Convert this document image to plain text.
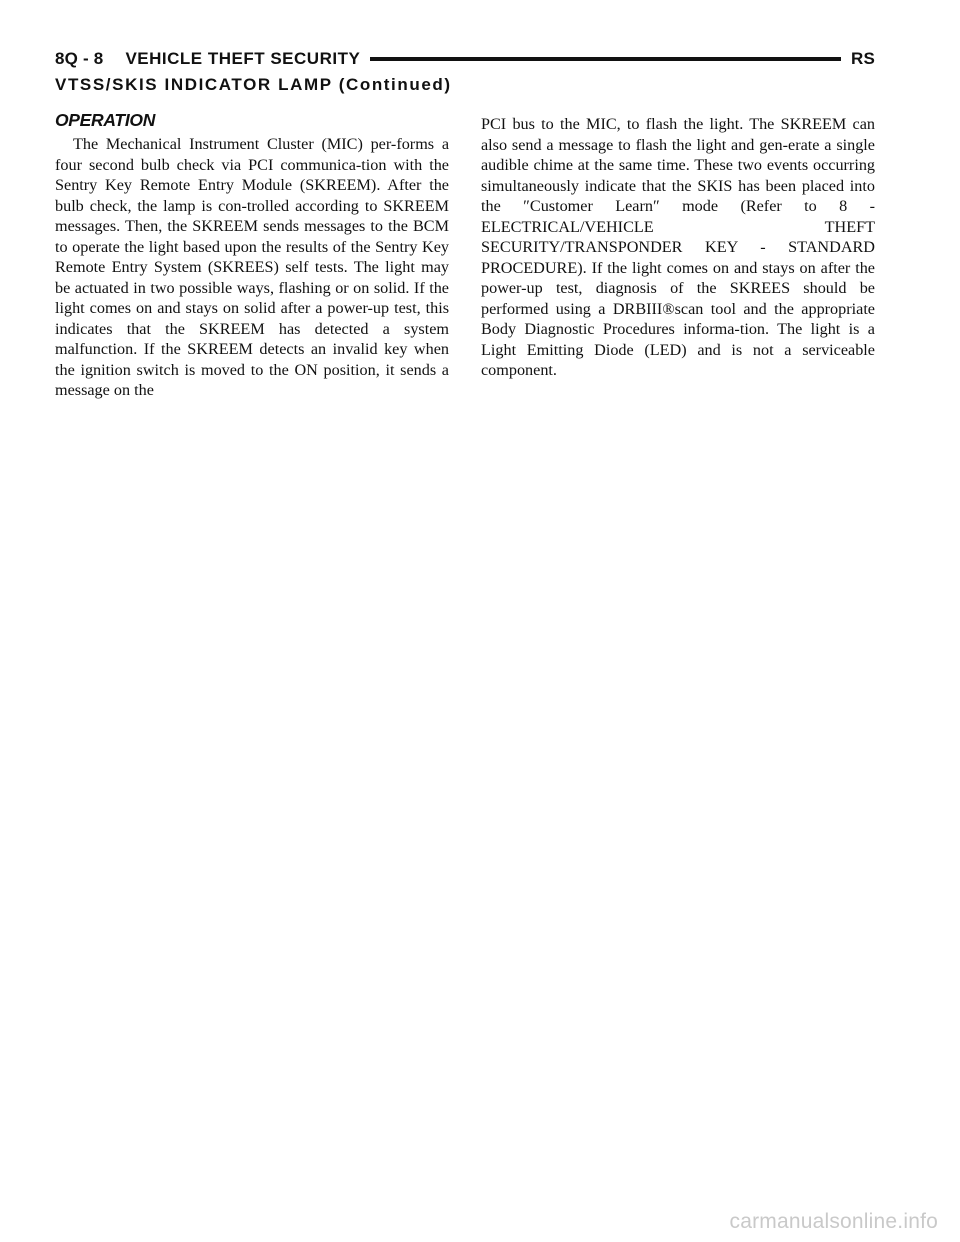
8Q - 8 VEHICLE THEFT SECURITY	RS
VTSS/SKIS INDICATOR LAMP (Continued)
OPERATION

The Mechanical Instrument Cluster (MIC) per-forms a four second bulb check via PCI communica-tion with the Sentry Key Remote Entry Module (SKREEM). After the bulb check, the lamp is con-trolled according to SKREEM messages. Then, the SKREEM sends messages to the BCM to operate the light based upon the results of the Sentry Key Remote Entry System (SKREES) self tests. The light may be actuated in two possible ways, flashing or on solid. If the light comes on and stays on solid after a power-up test, this indicates that the SKREEM has detected a system malfunction. If the SKREEM detects an invalid key when the ignition switch is moved to the ON position, it sends a message on the

PCI bus to the MIC, to flash the light. The SKREEM can also send a message to flash the light and gen-erate a single audible chime at the same time. These two events occurring simultaneously indicate that the SKIS has been placed into the ″Customer Learn″ mode (Refer to 8 - ELECTRICAL/VEHICLE THEFT SECURITY/TRANSPONDER KEY - STANDARD PROCEDURE). If the light comes on and stays on after the power-up test, diagnosis of the SKREES should be performed using a DRBIII®scan tool and the appropriate Body Diagnostic Procedures informa-tion. The light is a Light Emitting Diode (LED) and is not a serviceable component.

carmanualsonline.info
